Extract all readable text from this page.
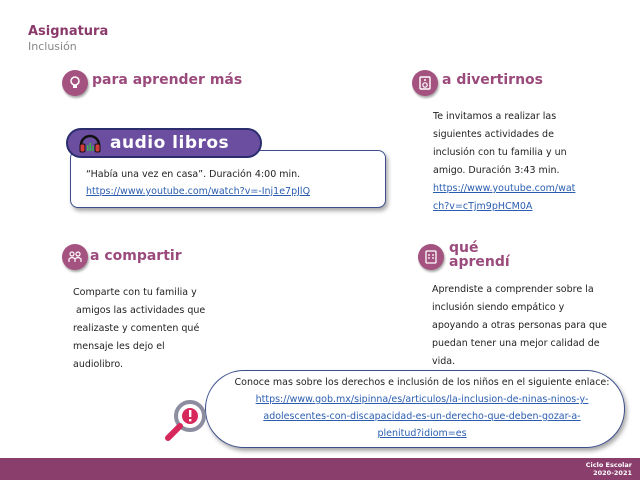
Asignatura
Inclusión
para aprender más
audio libros
“Había una vez en casa”. Duración 4:00 min.
https://www.youtube.com/watch?v=-Inj1e7pJlQ
a divertirnos
Te invitamos a realizar las
siguientes actividades de
inclusión con tu familia y un
amigo. Duración 3:43 min.
https://www.youtube.com/wat
ch?v=cTjm9pHCM0A
a compartir
Comparte con tu familia y
amigos las actividades que
realizaste y comenten qué
mensaje les dejo el
audiolibro.
qué
aprendí
Aprendiste a comprender sobre la
inclusión siendo empático y
apoyando a otras personas para que
puedan tener una mejor calidad de
vida.
Conoce mas sobre los derechos e inclusión de los niños en el siguiente enlace:
https://www.gob.mx/sipinna/es/articulos/la-inclusion-de-ninas-ninos-y-
adolescentes-con-discapacidad-es-un-derecho-que-deben-gozar-a-
plenitud?idiom=es
Ciclo Escolar
2020-2021
